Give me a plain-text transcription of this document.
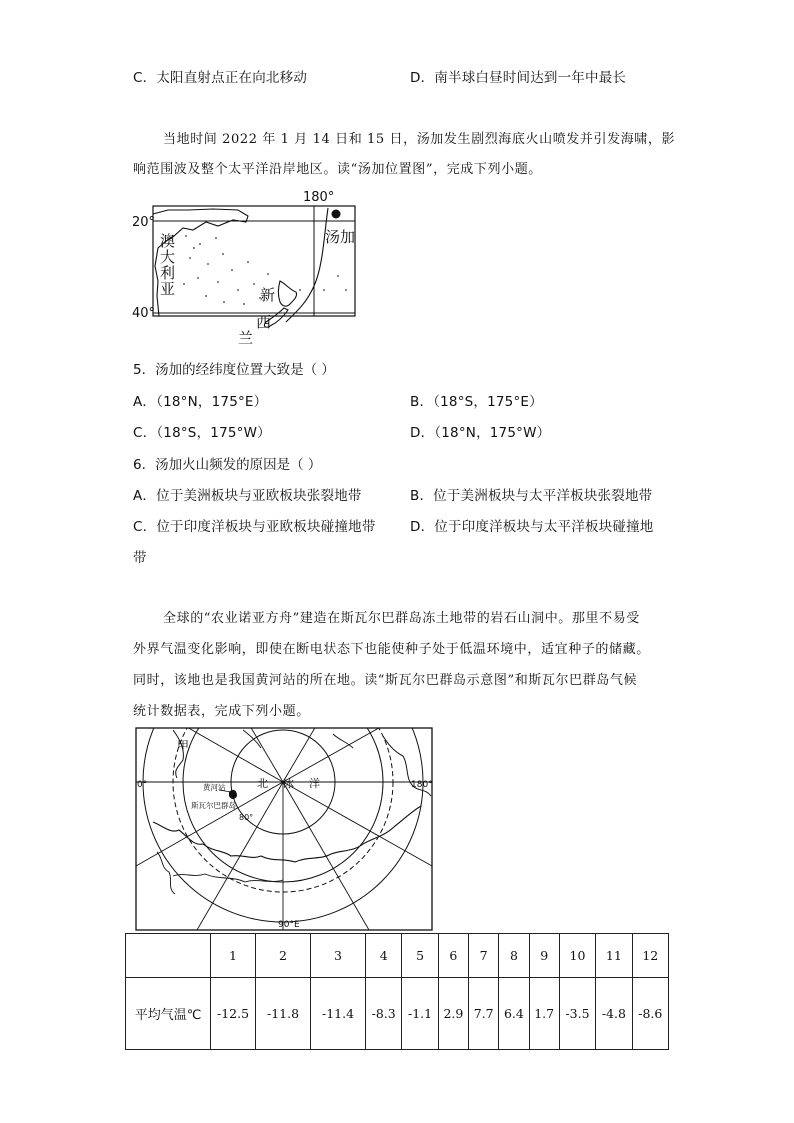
C．太阳直射点正在向北移动	D．南半球白昼时间达到一年中最长
当地时间 2022 年 1 月 14 日和 15 日，汤加发生剧烈海底火山喷发并引发海啸，影
响范围波及整个太平洋沿岸地区。读“汤加位置图”，完成下列小题。
180°
20°
40°
澳
大
利
亚
汤加
新
西
兰
5．汤加的经纬度位置大致是（ ）
A．（18°N，175°E）	B．（18°S，175°E）
C．（18°S，175°W）	D．（18°N，175°W）
6．汤加火山频发的原因是（ ）
A．位于美洲板块与亚欧板块张裂地带	B．位于美洲板块与太平洋板块张裂地带
C．位于印度洋板块与亚欧板块碰撞地带	D．位于印度洋板块与太平洋板块碰撞地
带
全球的“农业诺亚方舟”建造在斯瓦尔巴群岛冻土地带的岩石山洞中。那里不易受
外界气温变化影响，即使在断电状态下也能使种子处于低温环境中，适宜种子的储藏。
同时，该地也是我国黄河站的所在地。读“斯瓦尔巴群岛示意图”和斯瓦尔巴群岛气候
统计数据表，完成下列小题。
甲
0°	180°
90°E
80°
北 冰 洋
黄河站
斯瓦尔巴群岛
	1	2	3	4	5	6	7	8	9	10	11	12
平均气温℃	-12.5	-11.8	-11.4	-8.3	-1.1	2.9	7.7	6.4	1.7	-3.5	-4.8	-8.6
